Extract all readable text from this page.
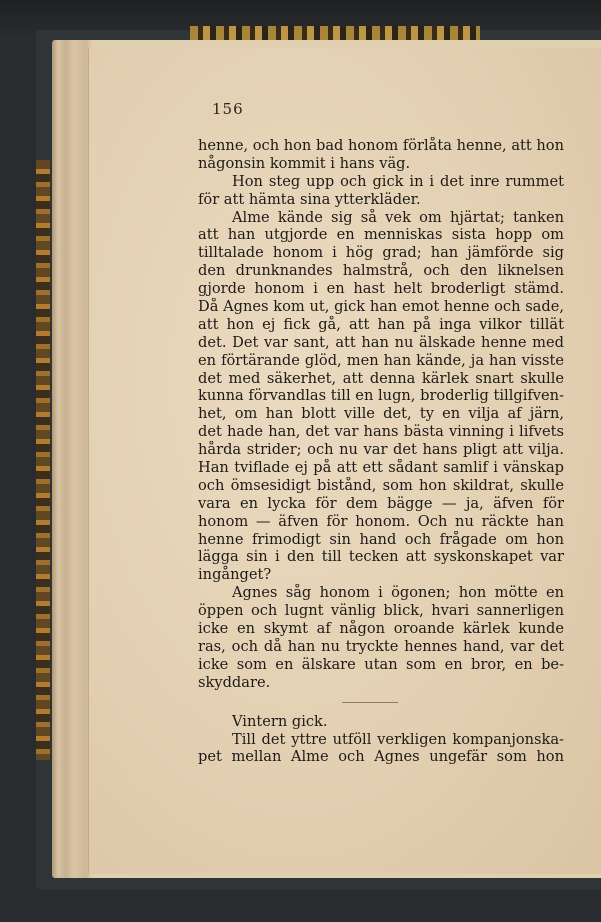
156
henne, och hon bad honom förlåta henne, att hon
någonsin kommit i hans väg.
Hon steg upp och gick in i det inre rummet
för att hämta sina ytterkläder.
Alme kände sig så vek om hjärtat; tanken
att han utgjorde en menniskas sista hopp om
tilltalade honom i hög grad; han jämförde sig
den drunknandes halmstrå, och den liknelsen
gjorde honom i en hast helt broderligt stämd.
Då Agnes kom ut, gick han emot henne och sade,
att hon ej fick gå, att han på inga vilkor tillät
det. Det var sant, att han nu älskade henne med
en förtärande glöd, men han kände, ja han visste
det med säkerhet, att denna kärlek snart skulle
kunna förvandlas till en lugn, broderlig tillgifven-
het, om han blott ville det, ty en vilja af järn,
det hade han, det var hans bästa vinning i lifvets
hårda strider; och nu var det hans pligt att vilja.
Han tviflade ej på att ett sådant samlif i vänskap
och ömsesidigt bistånd, som hon skildrat, skulle
vara en lycka för dem bägge — ja, äfven för
honom — äfven för honom. Och nu räckte han
henne frimodigt sin hand och frågade om hon
lägga sin i den till tecken att syskonskapet var
ingånget?
Agnes såg honom i ögonen; hon mötte en
öppen och lugnt vänlig blick, hvari sannerligen
icke en skymt af någon oroande kärlek kunde
ras, och då han nu tryckte hennes hand, var det
icke som en älskare utan som en bror, en be-
skyddare.
Vintern gick.
Till det yttre utföll verkligen kompanjonska-
pet mellan Alme och Agnes ungefär som hon
